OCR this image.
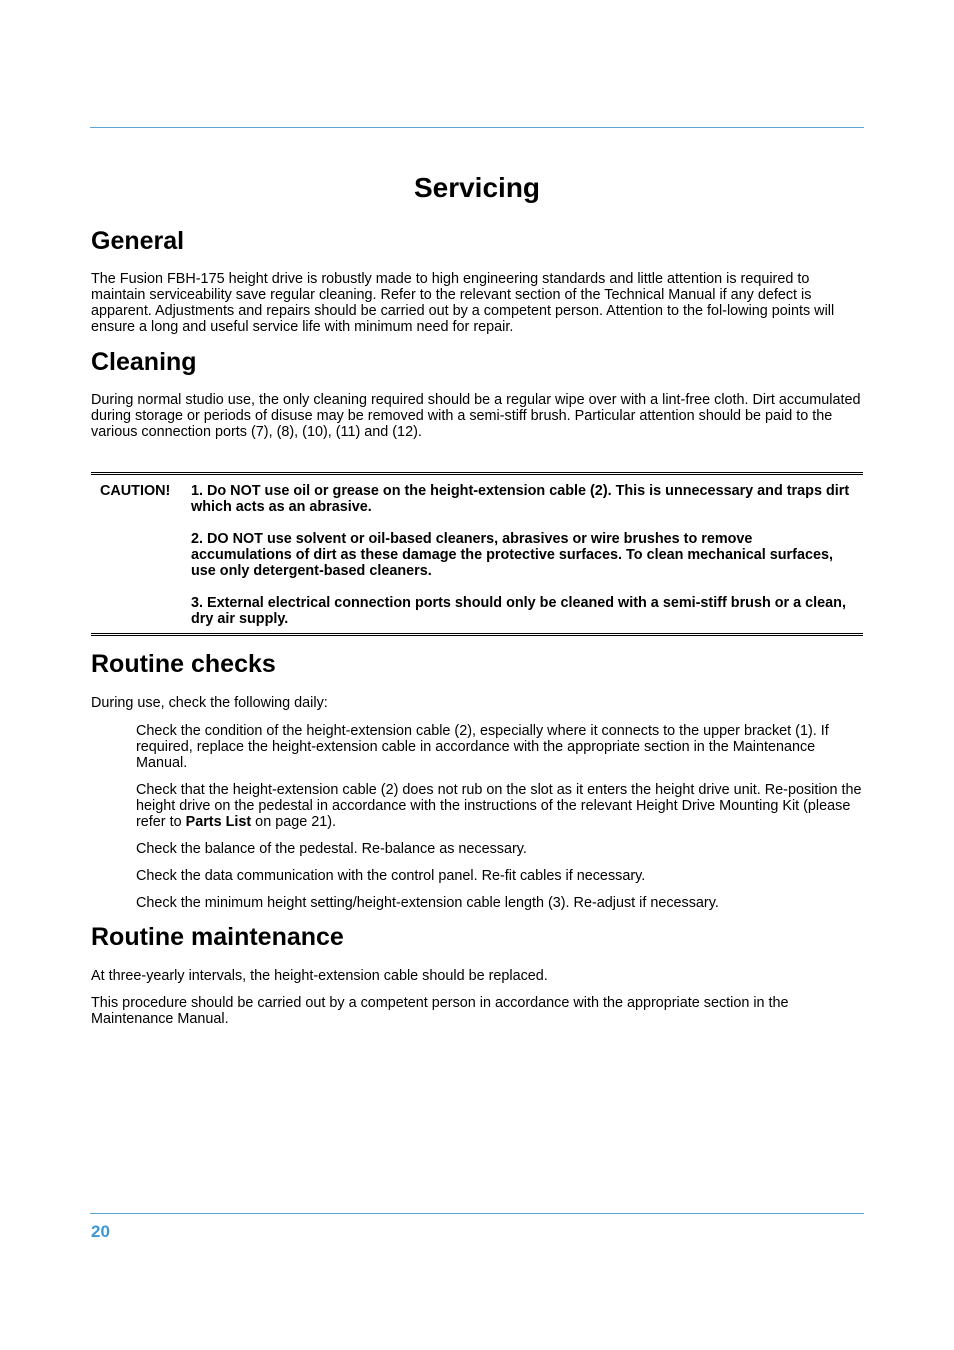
Servicing
General

The Fusion FBH-175 height drive is robustly made to high engineering standards and little attention is required to maintain serviceability save regular cleaning. Refer to the relevant section of the Technical Manual if any defect is apparent. Adjustments and repairs should be carried out by a competent person. Attention to the fol-lowing points will ensure a long and useful service life with minimum need for repair.

Cleaning

During normal studio use, the only cleaning required should be a regular wipe over with a lint-free cloth. Dirt accumulated during storage or periods of disuse may be removed with a semi-stiff brush. Particular attention should be paid to the various connection ports (7), (8), (10), (11) and (12).

CAUTION!	1. Do NOT use oil or grease on the height-extension cable (2). This is unnecessary and traps dirt which acts as an abrasive.

2. DO NOT use solvent or oil-based cleaners, abrasives or wire brushes to remove accumulations of dirt as these damage the protective surfaces. To clean mechanical surfaces, use only detergent-based cleaners.

3. External electrical connection ports should only be cleaned with a semi-stiff brush or a clean, dry air supply.

Routine checks

During use, check the following daily:

Check the condition of the height-extension cable (2), especially where it connects to the upper bracket (1). If required, replace the height-extension cable in accordance with the appropriate section in the Maintenance Manual.

Check that the height-extension cable (2) does not rub on the slot as it enters the height drive unit. Re-position the height drive on the pedestal in accordance with the instructions of the relevant Height Drive Mounting Kit (please refer to Parts List on page 21).

Check the balance of the pedestal. Re-balance as necessary.

Check the data communication with the control panel. Re-fit cables if necessary.

Check the minimum height setting/height-extension cable length (3). Re-adjust if necessary.

Routine maintenance

At three-yearly intervals, the height-extension cable should be replaced.

This procedure should be carried out by a competent person in accordance with the appropriate section in the Maintenance Manual.

20
